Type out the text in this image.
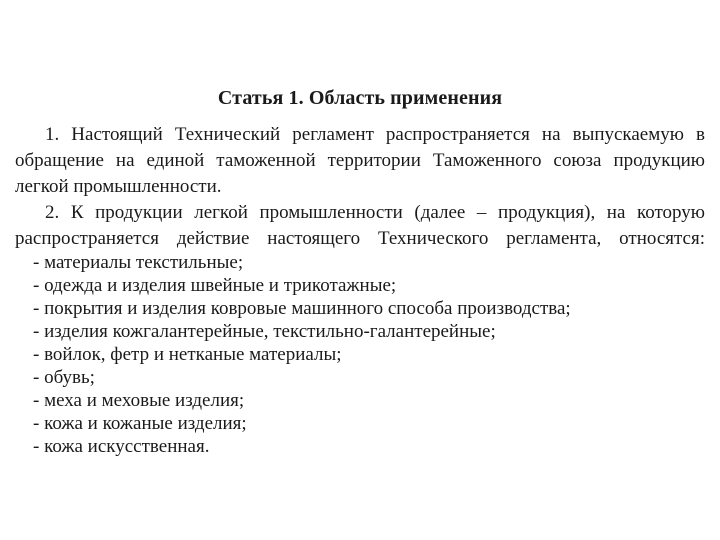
Статья 1. Область применения
1. Настоящий Технический регламент распространяется на выпускаемую в
обращение на единой таможенной территории Таможенного союза продукцию
легкой промышленности.
2. К продукции легкой промышленности (далее – продукция), на которую
распространяется действие настоящего Технического регламента, относятся:
- материалы текстильные;
- одежда и изделия швейные и трикотажные;
- покрытия и изделия ковровые машинного способа производства;
- изделия кожгалантерейные, текстильно-галантерейные;
- войлок, фетр и нетканые материалы;
- обувь;
- меха и меховые изделия;
- кожа и кожаные изделия;
- кожа искусственная.
